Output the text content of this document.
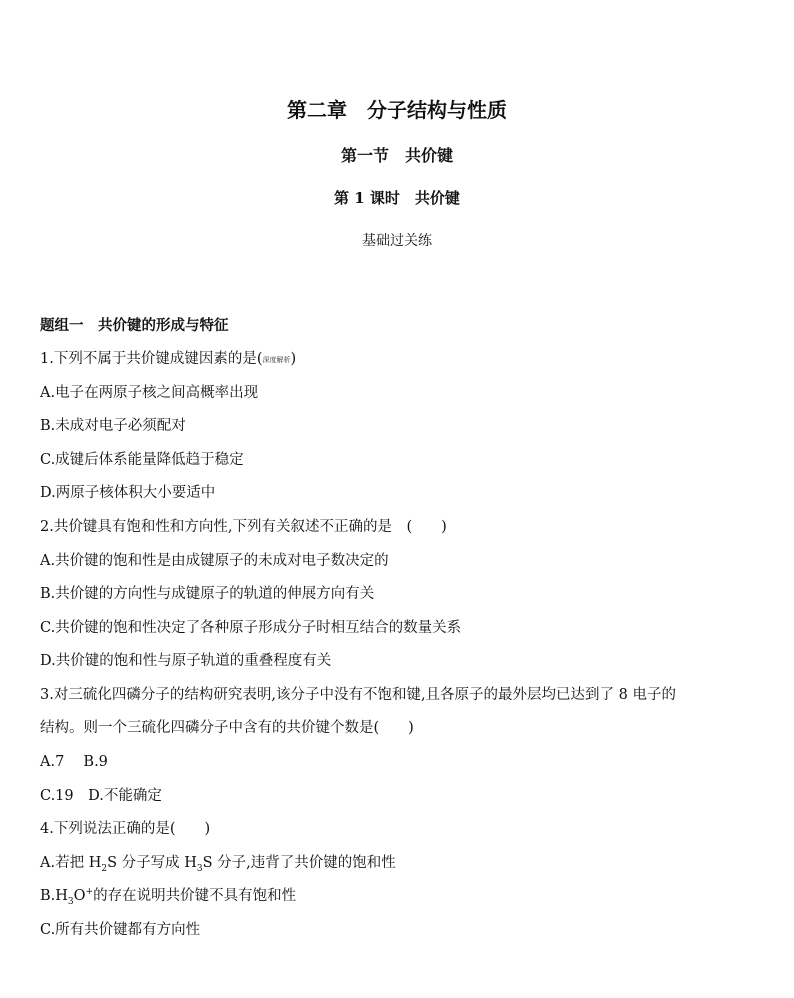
第二章　分子结构与性质
第一节　共价键
第 1 课时　共价键
基础过关练
题组一　共价键的形成与特征
1.下列不属于共价键成键因素的是(深度解析)
A.电子在两原子核之间高概率出现
B.未成对电子必须配对
C.成键后体系能量降低趋于稳定
D.两原子核体积大小要适中
2.共价键具有饱和性和方向性,下列有关叙述不正确的是　(　　)
A.共价键的饱和性是由成键原子的未成对电子数决定的
B.共价键的方向性与成键原子的轨道的伸展方向有关
C.共价键的饱和性决定了各种原子形成分子时相互结合的数量关系
D.共价键的饱和性与原子轨道的重叠程度有关
3.对三硫化四磷分子的结构研究表明,该分子中没有不饱和键,且各原子的最外层均已达到了 8 电子的
结构。则一个三硫化四磷分子中含有的共价键个数是(　　)
A.7　 B.9
C.19　D.不能确定
4.下列说法正确的是(　　)
A.若把 $H_2S$ 分子写成 $H_3S$ 分子,违背了共价键的饱和性
$B.H_3O^+$的存在说明共价键不具有饱和性
C.所有共价键都有方向性
